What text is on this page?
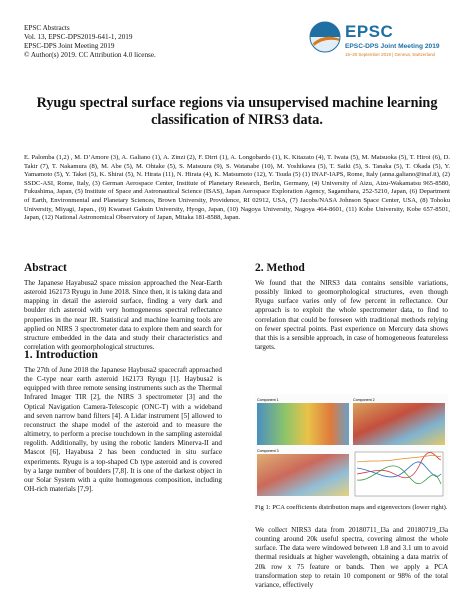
EPSC Abstracts
Vol. 13, EPSC-DPS2019-641-1, 2019
EPSC-DPS Joint Meeting 2019
© Author(s) 2019. CC Attribution 4.0 license.
EPSC
EPSC-DPS Joint Meeting 2019
15–20 September 2019 | Geneva, Switzerland
Ryugu spectral surface regions via unsupervised machine learning classification of NIRS3 data.
E. Palomba (1,2) , M. D’Amore (3), A. Galiano (1), A. Zinzi (2), F. Dirri (1), A. Longobardo (1), K. Kitazato (4), T. Iwata (5), M. Matsuoka (5), T. Hiroi (6), D. Takir (7), T. Nakamura (8), M. Abe (5), M. Ohtake (5), S. Matsuura (9), S. Watanabe (10), M. Yoshikawa (5), T. Saiki (5), S. Tanaka (5), T. Okada (5), Y. Yamamoto (5), Y. Takei (5), K. Shirai (5), N. Hirata (11), N. Hirata (4), K. Matsumoto (12), Y. Tsuda (5) (1) INAF-IAPS, Rome, Italy (anna.galiano@inaf.it), (2) SSDC-ASI, Rome, Italy, (3) German Aerospace Center, Institute of Planetary Research, Berlin, Germany, (4) University of Aizu, Aizu-Wakamatsu 965-8580, Fukushima, Japan, (5) Institute of Space and Astronautical Science (ISAS), Japan Aerospace Exploration Agency, Sagamihara, 252-5210, Japan, (6) Department of Earth, Environmental and Planetary Sciences, Brown University, Providence, RI 02912, USA, (7) Jacobs/NASA Johnson Space Center, USA, (8) Tohoku University, Miyagi, Japan., (9) Kwansei Gakuin University, Hyogo, Japan, (10) Nagoya University, Nagoya 464-8601, (11) Kobe University, Kobe 657-8501, Japan, (12) National Astronomical Observatory of Japan, Mitaka 181-8588, Japan.
Abstract
The Japanese Hayabusa2 space mission approached the Near-Earth asteroid 162173 Ryugu in June 2018. Since then, it is taking data and mapping in detail the asteroid surface, finding a very dark and boulder rich asteroid with very homogeneous spectral reflectance properties in the near IR. Statistical and machine learning tools are applied on NIRS 3 spectrometer data to explore them and search for structure embedded in the data and study their characteristics and correlation with geomorphological structures.
1. Introduction
The 27th of June 2018 the Japanese Haybusa2 spacecraft approached the C-type near earth asteroid 162173 Ryugu [1]. Haybusa2 is equipped with three remote sensing instruments such as the Thermal Infrared Imager TIR [2], the NIRS 3 spectrometer [3] and the Optical Navigation Camera-Telescopic (ONC-T) with a wideband and seven narrow band filters [4]. A Lidar instrument [5] allowed to reconstruct the shape model of the asteroid and to measure the altimetry, to perform a precise touchdown in the sampling asteroidal regolith. Additionally, by using the robotic landers Minerva-II and Mascot [6], Hayabusa 2 has been conducted in situ surface experiments. Ryugu is a top-shaped Cb type asteroid and is covered by a large number of boulders [7,8]. It is one of the darkest object in our Solar System with a quite homogenous composition, including OH-rich materials [7,9].
2. Method
We found that the NIRS3 data contains sensible variations, possibly linked to geomorphological structures, even though Ryugu surface varies only of few percent in reflectance. Our approach is to exploit the whole spectrometer data, to find to correlation that could be foreseen with traditional methods relying on fewer spectral points. Past experience on Mercury data shows that this is a sensible approach, in case of homogeneous featureless targets.
Component 1	Component 2
Component 3
Fig 1: PCA coefficients distribution maps and eigenvectors (lower right).
We collect NIRS3 data from 20180711_l3a and 20180719_l3a counting around 20k useful spectra, covering almost the whole surface. The data were windowed between 1.8 and 3.1 um to avoid thermal residuals at higher wavelength, obtaining a data matrix of 20k row x 75 feature or bands. Then we apply a PCA transformation step to retain 10 component or 98% of the total variance, effectively
